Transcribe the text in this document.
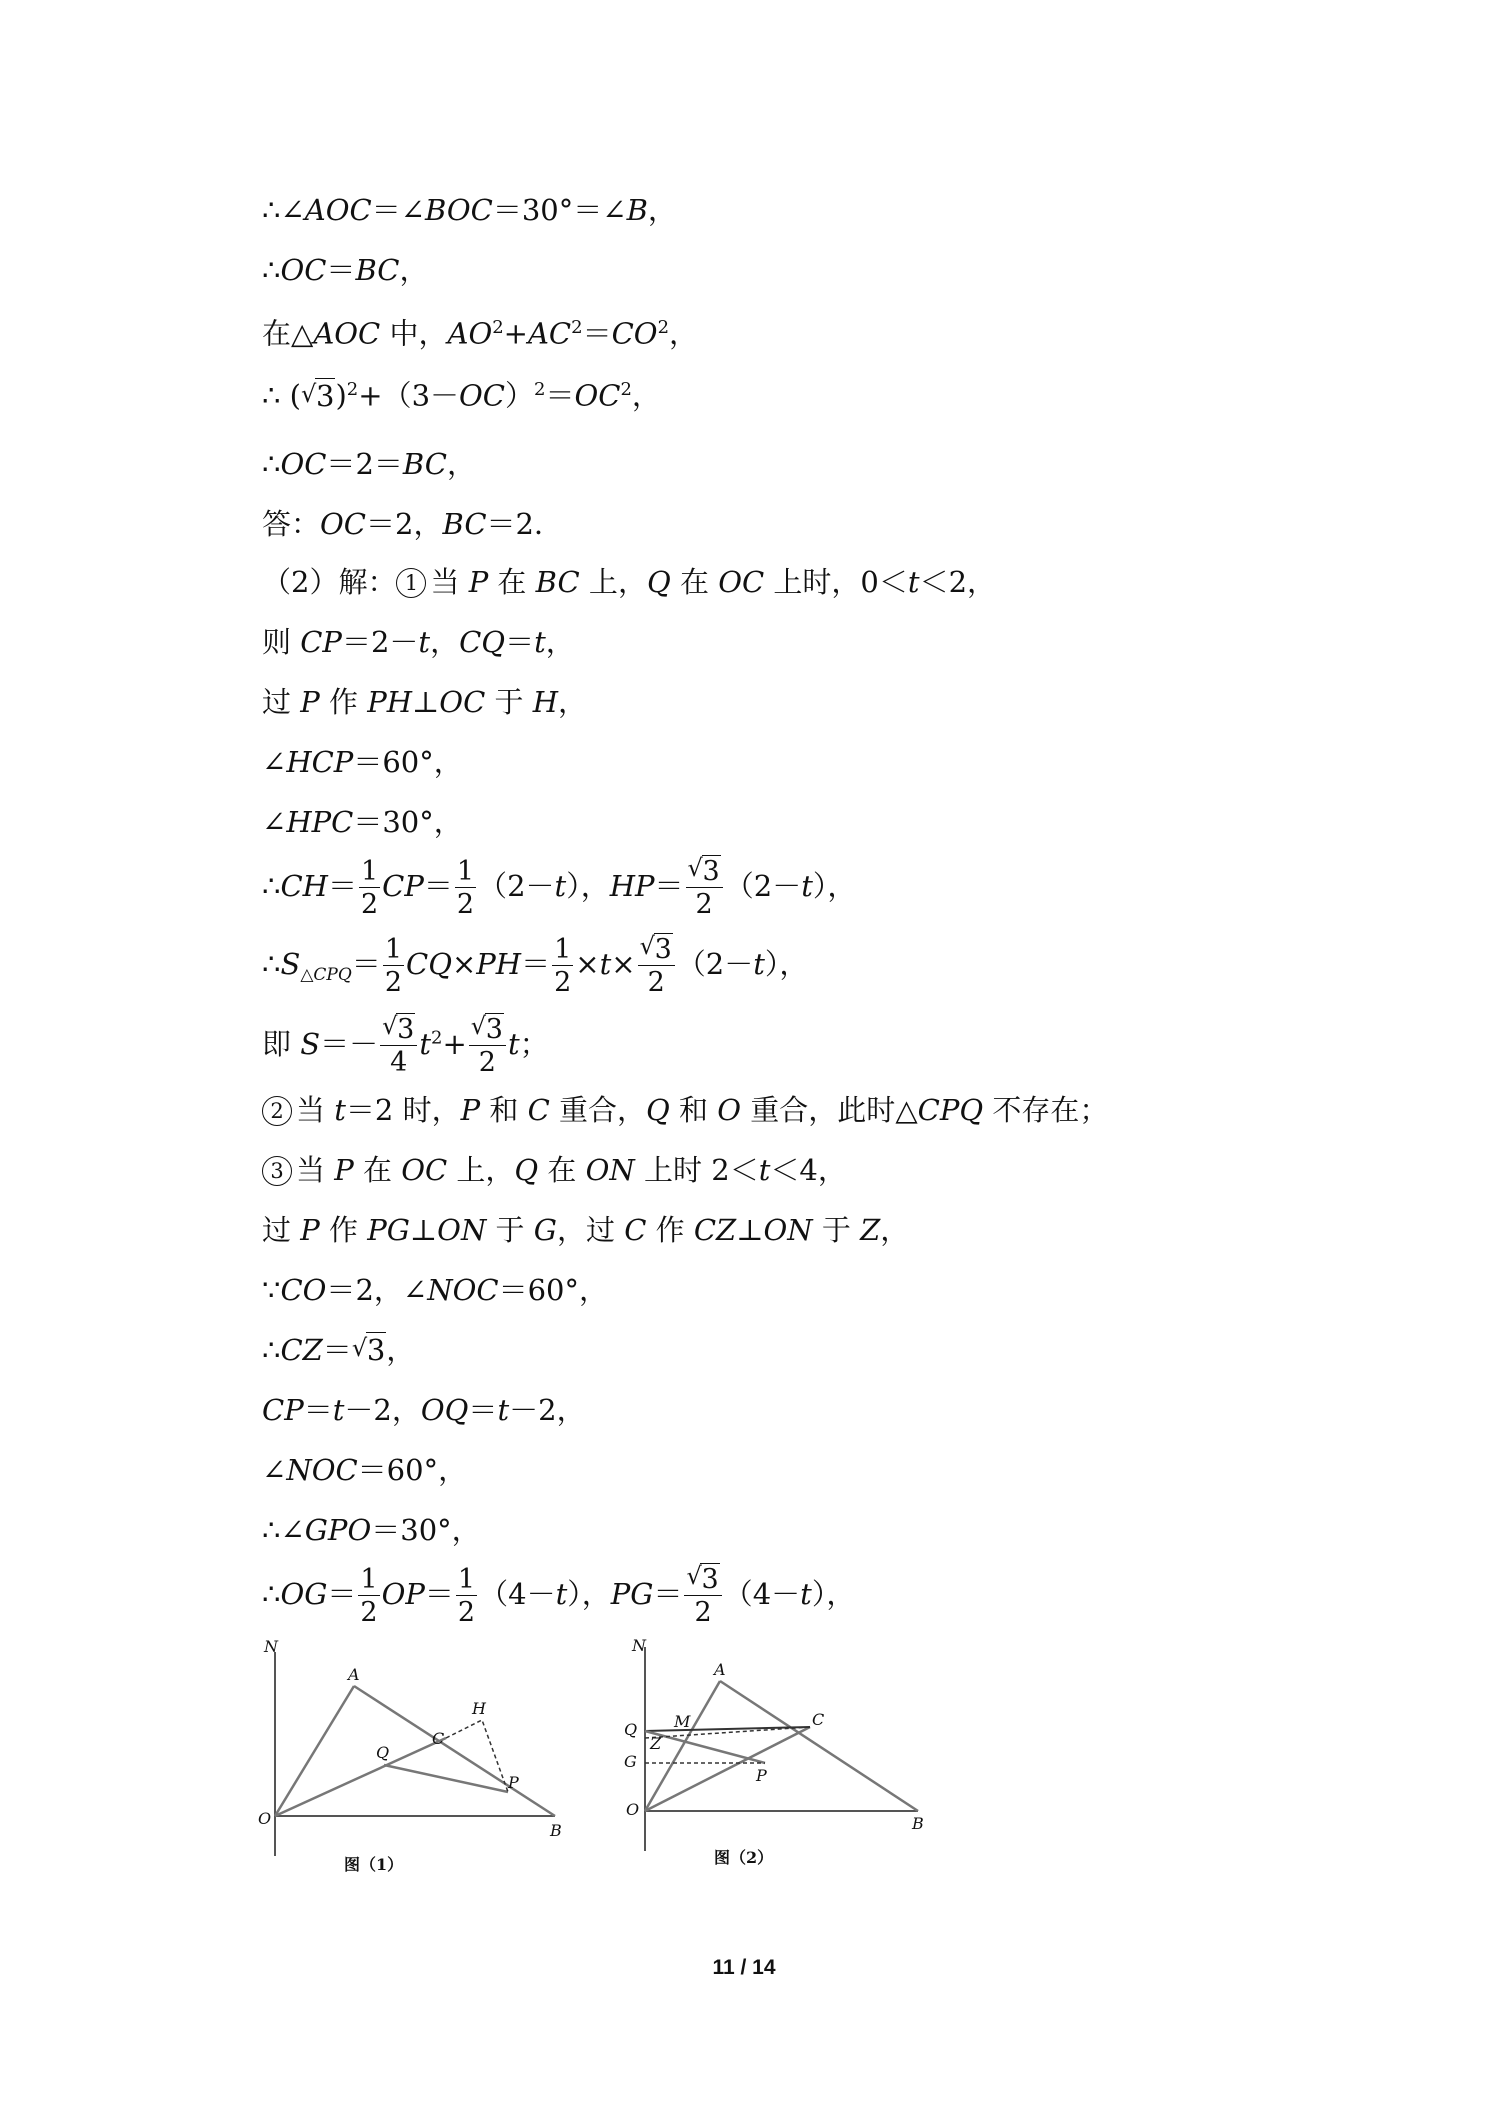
∴∠AOC＝∠BOC＝30°＝∠B，
∴OC＝BC，
在△AOC 中，$AO^2+AC^2=CO^2$，
∴ ( √ $3)^2+(3-OC)^2=OC^2$，
∴OC＝2＝BC，
答：OC＝2，BC＝2．
（2）解： 1 当 P 在 BC 上，Q 在 OC 上时，0＜t＜2，
则 CP＝2－t，CQ＝t，
过 P 作 PH⊥OC 于 H，
∠HCP＝60°，
∠HPC＝30°，
∴CH＝ $\frac{1}{2} CP= \frac{1}{2} (2-t)$，$HP= \frac{√ 3}{2} (2-t)$，
$\therefore S_{\triangle CPQ}= \frac{1}{2} CQ\times PH= \frac{1}{2} \times t\times \frac{√ 3}{2} (2-t)$，
即 $S=- \frac{√ 3}{4} t^2+ \frac{√ 3}{2}$ t；
2 当 t＝2 时，P 和 C 重合，Q 和 O 重合，此时△CPQ 不存在；
3 当 P 在 OC 上，Q 在 ON 上时 2＜t＜4，
过 P 作 PG⊥ON 于 G，过 C 作 CZ⊥ON 于 Z，
∵CO＝2，∠NOC＝60°，
∴CZ＝ √ 3，
CP＝t－2，OQ＝t－2，
∠NOC＝60°，
∴∠GPO＝30°，
∴OG＝ $\frac{1}{2} OP= \frac{1}{2} (4-t)$，$PG= \frac{√ 3}{2} (4-t)$，
N
A
H
Q
C
P
O
B
图（1）
N
A
Q M	C
Z
G
P
O
B
图（2）
11 / 14
